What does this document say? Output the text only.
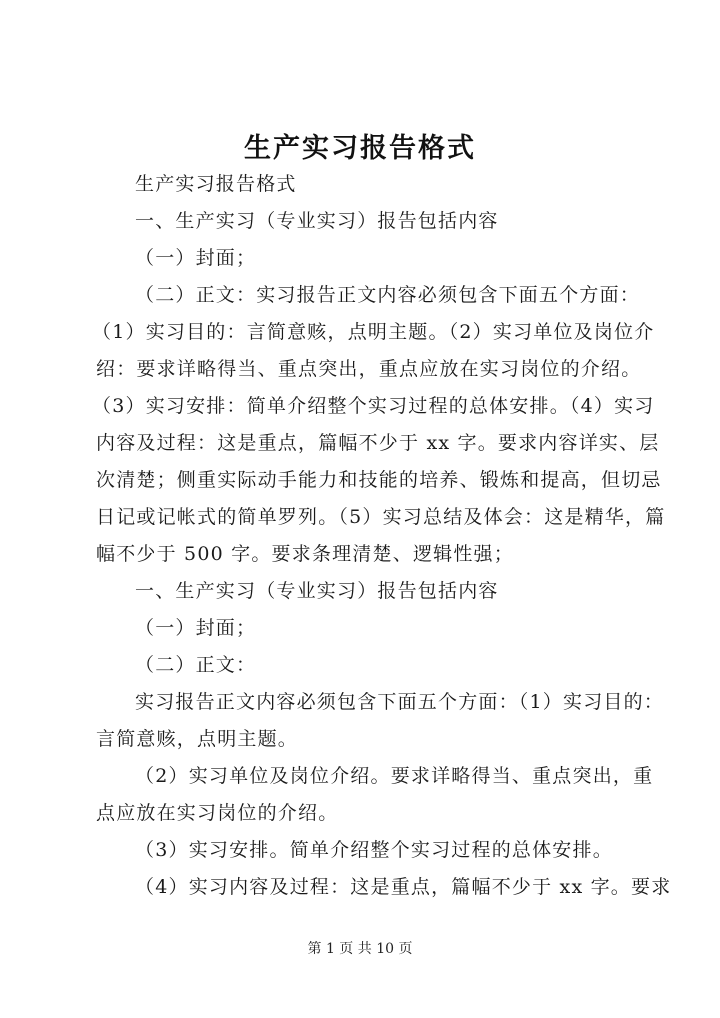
生产实习报告格式
生产实习报告格式
一、生产实习（专业实习）报告包括内容
（一）封面；
（二）正文：实习报告正文内容必须包含下面五个方面：
（1）实习目的：言简意赅，点明主题。（2）实习单位及岗位介
绍：要求详略得当、重点突出，重点应放在实习岗位的介绍。
（3）实习安排：简单介绍整个实习过程的总体安排。（4）实习
内容及过程：这是重点，篇幅不少于 xx 字。要求内容详实、层
次清楚；侧重实际动手能力和技能的培养、锻炼和提高，但切忌
日记或记帐式的简单罗列。（5）实习总结及体会：这是精华，篇
幅不少于 500 字。要求条理清楚、逻辑性强；
一、生产实习（专业实习）报告包括内容
（一）封面；
（二）正文：
实习报告正文内容必须包含下面五个方面：（1）实习目的：
言简意赅，点明主题。
（2）实习单位及岗位介绍。要求详略得当、重点突出，重
点应放在实习岗位的介绍。
（3）实习安排。简单介绍整个实习过程的总体安排。
（4）实习内容及过程：这是重点，篇幅不少于 xx 字。要求
第 1 页 共 10 页
